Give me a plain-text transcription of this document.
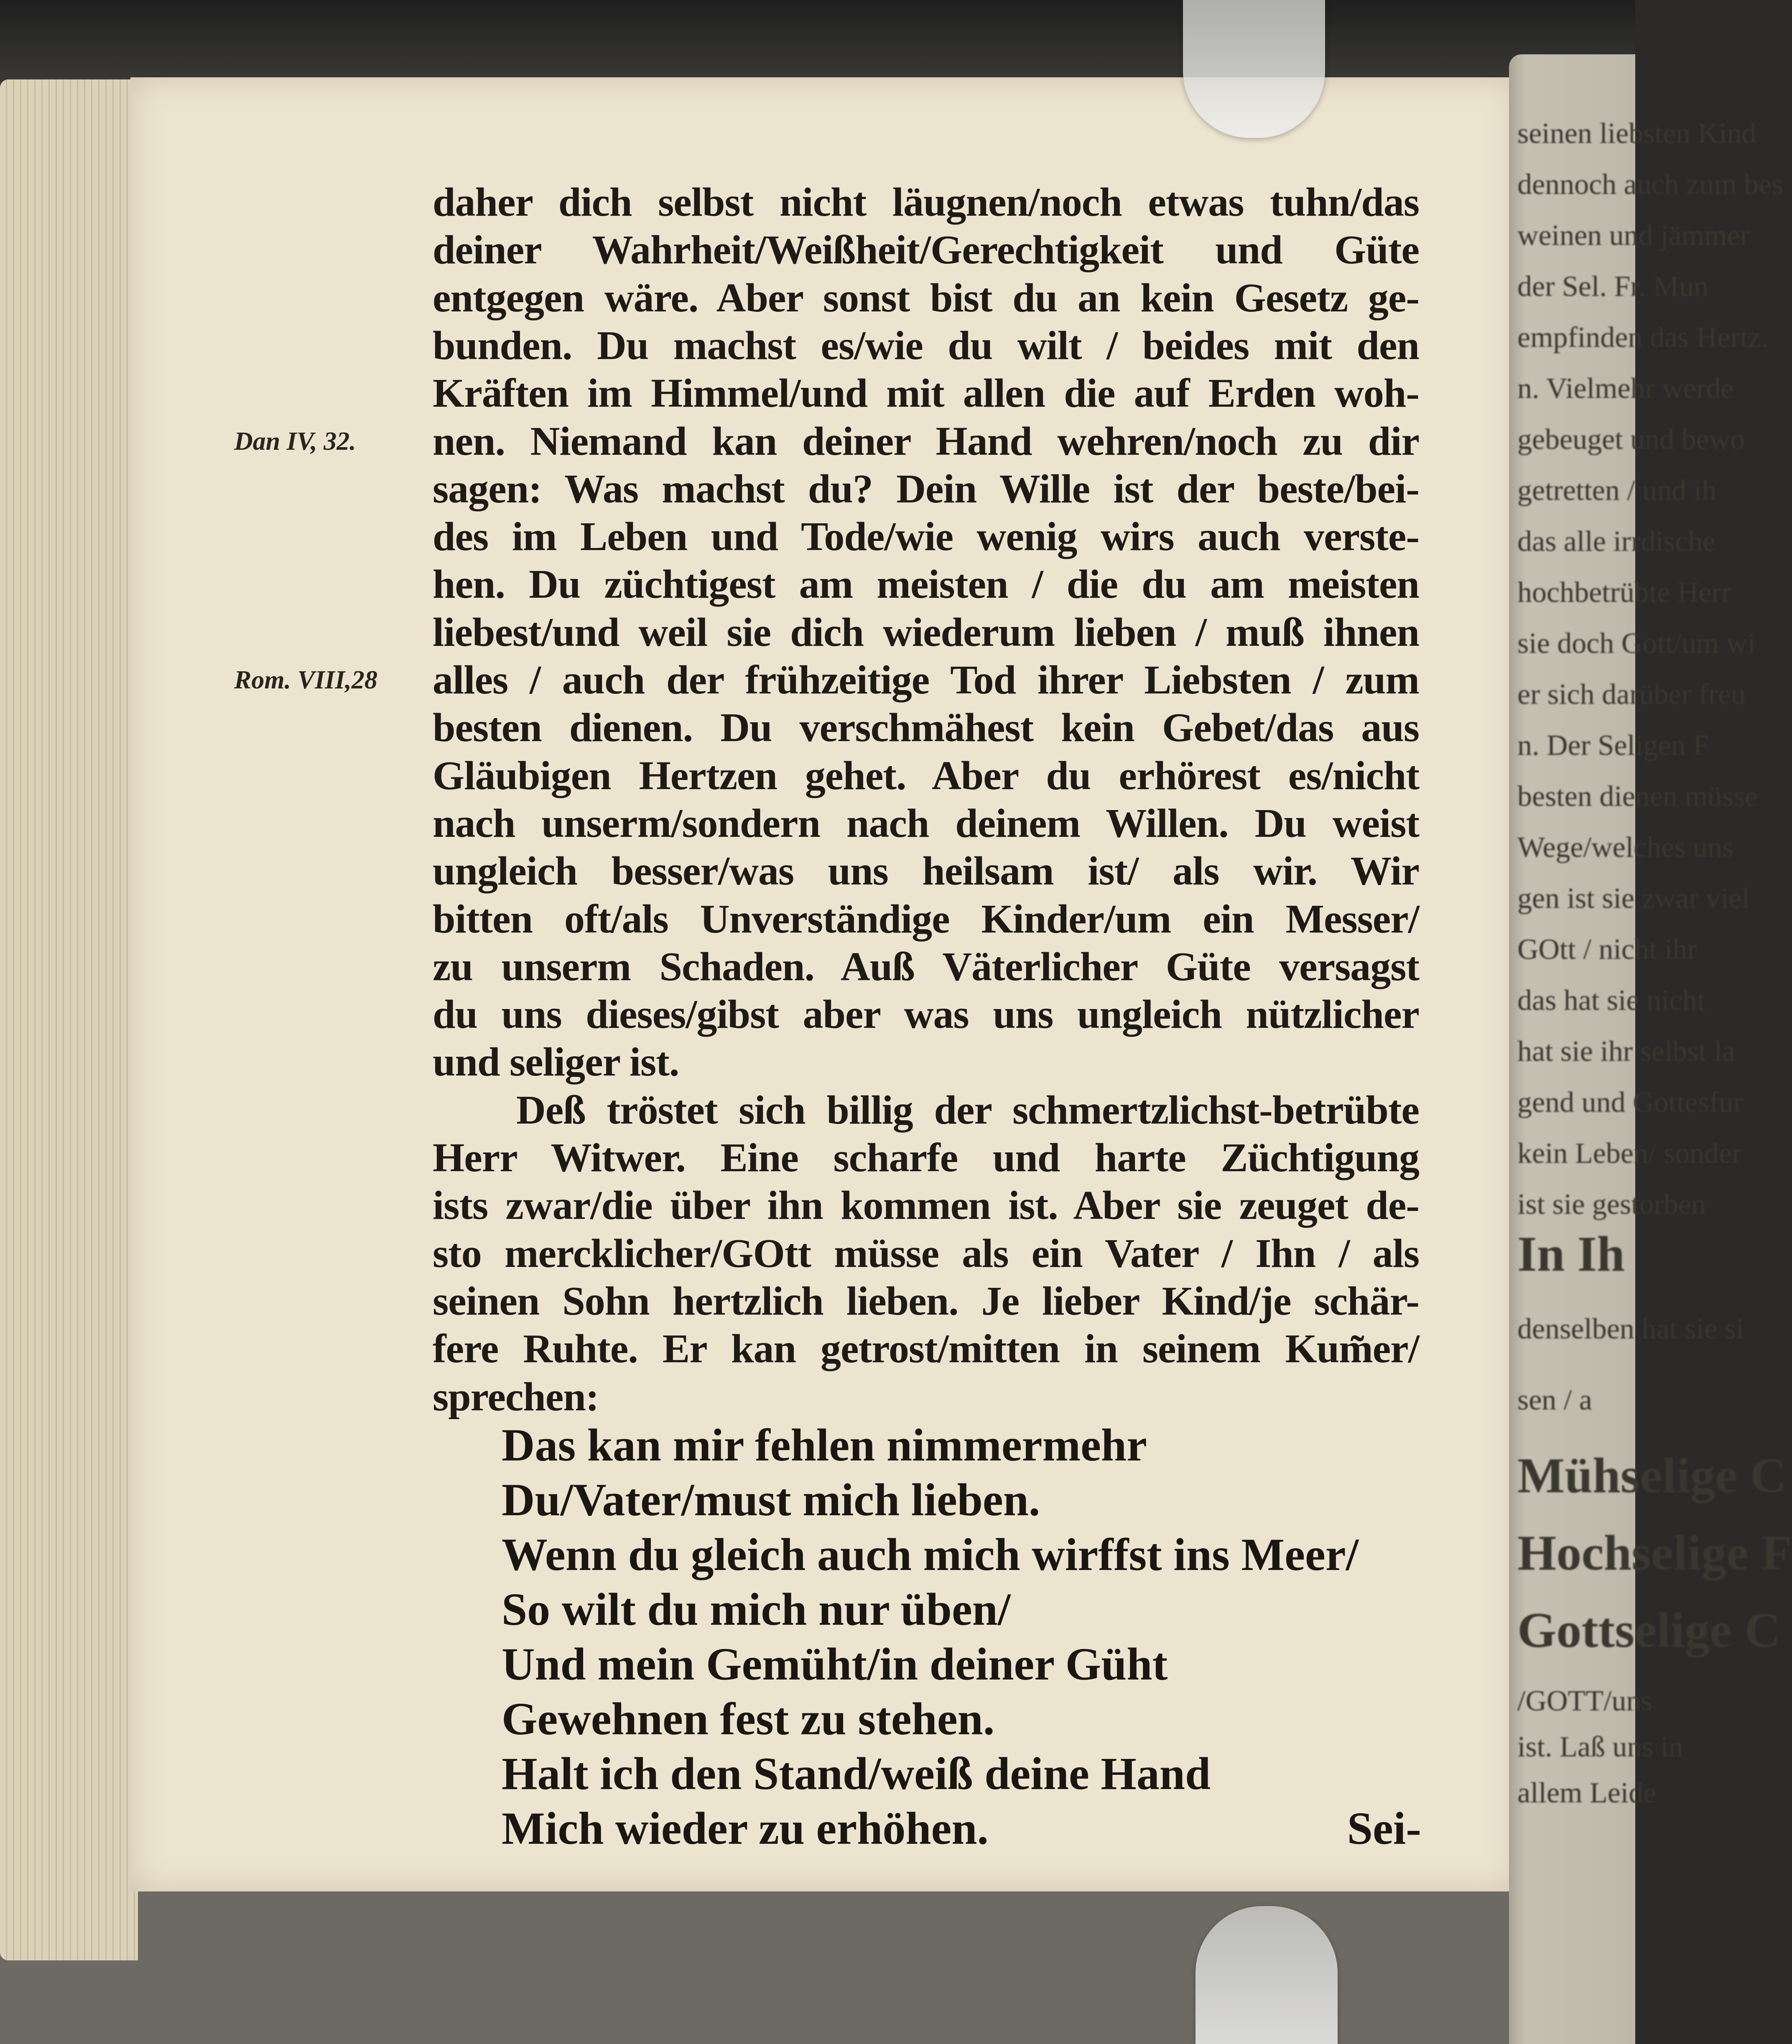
seinen liebsten Kind
dennoch auch zum bes
weinen und jämmer
der Sel. Fr. Mun
empfinden das Hertz.
n. Vielmehr werde
gebeuget und bewo
getretten / und ih
das alle irrdische
hochbetrübte Herr
sie doch Gott/um wi
er sich darüber freu
n. Der Seligen F
besten dienen müsse
Wege/welches uns
gen ist sie zwar viel
GOtt / nicht ihr
das hat sie nicht
hat sie ihr selbst la
gend und Gottesfur
kein Leben/ sonder
ist sie gestorben
In Ih
denselben hat sie si
sen / a
Mühselige C
Hochselige F
Gottselige C
/GOTT/uns
ist. Laß uns in
allem Leide
daher dich selbst nicht läugnen/noch etwas tuhn/das
deiner Wahrheit/Weißheit/Gerechtigkeit und Güte
entgegen wäre. Aber sonst bist du an kein Gesetz ge-
bunden. Du machst es/wie du wilt / beides mit den
Kräften im Himmel/und mit allen die auf Erden woh-
nen. Niemand kan deiner Hand wehren/noch zu dir
sagen: Was machst du? Dein Wille ist der beste/bei-
des im Leben und Tode/wie wenig wirs auch verste-
hen. Du züchtigest am meisten / die du am meisten
liebest/und weil sie dich wiederum lieben / muß ihnen
alles / auch der frühzeitige Tod ihrer Liebsten / zum
besten dienen. Du verschmähest kein Gebet/das aus
Gläubigen Hertzen gehet. Aber du erhörest es/nicht
nach unserm/sondern nach deinem Willen. Du weist
ungleich besser/was uns heilsam ist/ als wir. Wir
bitten oft/als Unverständige Kinder/um ein Messer/
zu unserm Schaden. Auß Väterlicher Güte versagst
du uns dieses/gibst aber was uns ungleich nützlicher
und seliger ist.
Deß tröstet sich billig der schmertzlichst-betrübte
Herr Witwer. Eine scharfe und harte Züchtigung
ists zwar/die über ihn kommen ist. Aber sie zeuget de-
sto mercklicher/GOtt müsse als ein Vater / Ihn / als
seinen Sohn hertzlich lieben. Je lieber Kind/je schär-
fere Ruhte. Er kan getrost/mitten in seinem Kum̃er/
sprechen:
Dan IV, 32.
Rom. VIII,28
Das kan mir fehlen nimmermehr
Du/Vater/must mich lieben.
Wenn du gleich auch mich wirffst ins Meer/
So wilt du mich nur üben/
Und mein Gemüht/in deiner Güht
Gewehnen fest zu stehen.
Halt ich den Stand/weiß deine Hand
Mich wieder zu erhöhen.	Sei-
